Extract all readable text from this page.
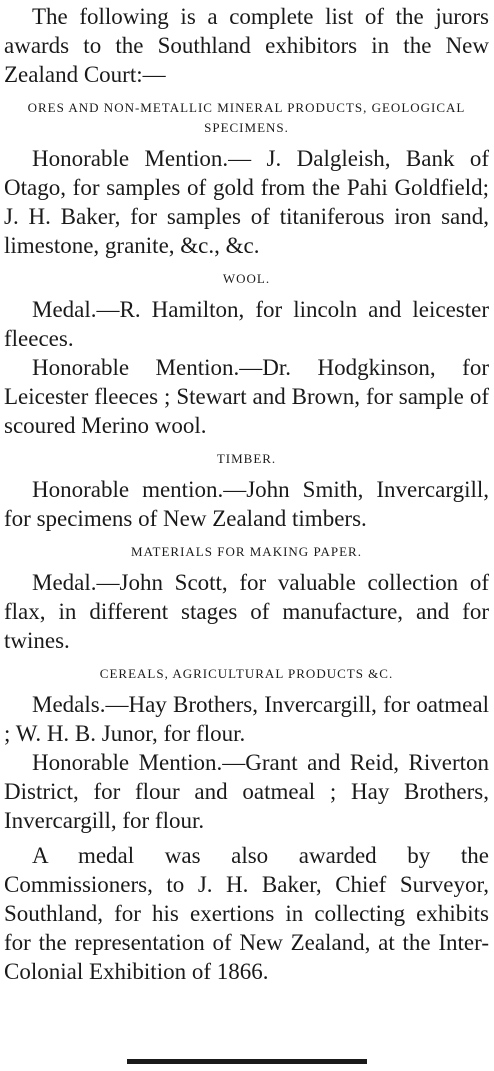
The following is a complete list of the jurors awards to the Southland exhibitors in the New Zealand Court:—

ORES AND NON-METALLIC MINERAL PRODUCTS, GEOLOGICAL SPECIMENS.

Honorable Mention.— J. Dalgleish, Bank of Otago, for samples of gold from the Pahi Goldfield; J. H. Baker, for samples of titaniferous iron sand, limestone, granite, &c., &c.

WOOL.

Medal.—R. Hamilton, for lincoln and leicester fleeces.

Honorable Mention.—Dr. Hodgkinson, for Leicester fleeces ; Stewart and Brown, for sample of scoured Merino wool.

TIMBER.

Honorable mention.—John Smith, Invercargill, for specimens of New Zealand timbers.

MATERIALS FOR MAKING PAPER.

Medal.—John Scott, for valuable collection of flax, in different stages of manufacture, and for twines.

CEREALS, AGRICULTURAL PRODUCTS &C.

Medals.—Hay Brothers, Invercargill, for oatmeal ; W. H. B. Junor, for flour.

Honorable Mention.—Grant and Reid, Riverton District, for flour and oatmeal ; Hay Brothers, Invercargill, for flour.

A medal was also awarded by the Commissioners, to J. H. Baker, Chief Surveyor, Southland, for his exertions in collecting exhibits for the representation of New Zealand, at the Inter-Colonial Exhibition of 1866.
